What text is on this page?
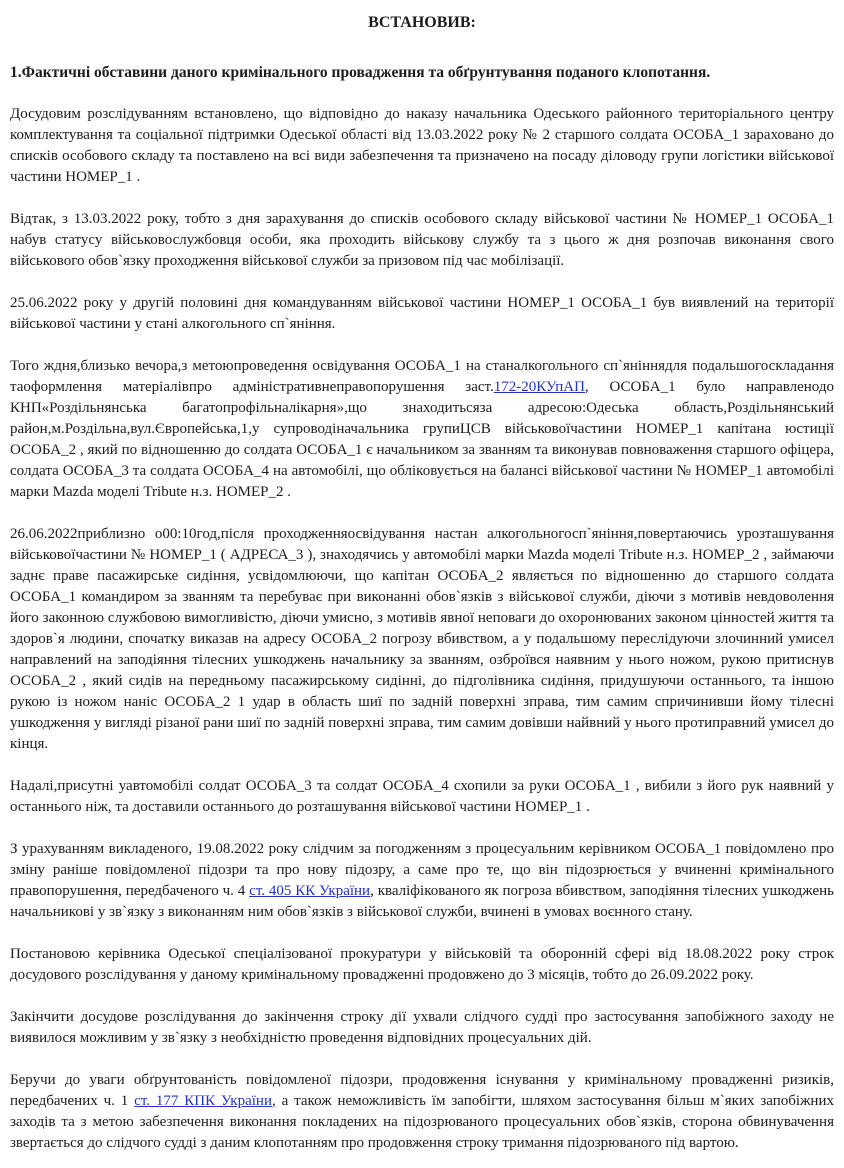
ВСТАНОВИВ:
1.Фактичні обставини даного кримінального провадження та обґрунтування поданого клопотання.

Досудовим розслідуванням встановлено, що відповідно до наказу начальника Одеського районного територіального центру комплектування та соціальної підтримки Одеської області від 13.03.2022 року № 2 старшого солдата ОСОБА_1 зараховано до списків особового складу та поставлено на всі види забезпечення та призначено на посаду діловоду групи логістики військової частини НОМЕР_1 .

Відтак, з 13.03.2022 року, тобто з дня зарахування до списків особового складу військової частини № НОМЕР_1 ОСОБА_1 набув статусу військовослужбовця особи, яка проходить військову службу та з цього ж дня розпочав виконання свого військового обов`язку проходження військової служби за призовом під час мобілізації.

25.06.2022 року у другій половині дня командуванням військової частини НОМЕР_1 ОСОБА_1 був виявлений на території військової частини у стані алкогольного сп`яніння.

Того ждня,близько вечора,з метоюпроведення освідування ОСОБА_1 на станалкогольного сп`яніннядля подальшогоскладання таоформлення матеріалівпро адміністративнеправопорушення заст.172-20КУпАП, ОСОБА_1 було направленодо КНП«Роздільнянська багатопрофільналікарня»,що знаходитьсяза адресою:Одеська область,Роздільнянський район,м.Роздільна,вул.Європейська,1,у супроводіначальника групиЦСВ військовоїчастини НОМЕР_1 капітана юстиції ОСОБА_2 , який по відношенню до солдата ОСОБА_1 є начальником за званням та виконував повноваження старшого офіцера, солдата ОСОБА_3 та солдата ОСОБА_4 на автомобілі, що обліковується на балансі військової частини № НОМЕР_1 автомобілі марки Mazda моделі Tribute н.з. НОМЕР_2 .

26.06.2022приблизно о00:10год,після проходженняосвідування настан алкогольногосп`яніння,повертаючись урозташування військовоїчастини № НОМЕР_1 ( АДРЕСА_3 ), знаходячись у автомобілі марки Mazda моделі Tribute н.з. НОМЕР_2 , займаючи заднє праве пасажирське сидіння, усвідомлюючи, що капітан ОСОБА_2 являється по відношенню до старшого солдата ОСОБА_1 командиром за званням та перебуває при виконанні обов`язків з військової служби, діючи з мотивів невдоволення його законною службовою вимогливістю, діючи умисно, з мотивів явної неповаги до охоронюваних законом цінностей життя та здоров`я людини, спочатку виказав на адресу ОСОБА_2 погрозу вбивством, а у подальшому переслідуючи злочинний умисел направлений на заподіяння тілесних ушкоджень начальнику за званням, озброївся наявним у нього ножом, рукою притиснув ОСОБА_2 , який сидів на передньому пасажирському сидінні, до підголівника сидіння, придушуючи останнього, та іншою рукою із ножом наніс ОСОБА_2 1 удар в область шиї по задній поверхні зправа, тим самим спричинивши йому тілесні ушкодження у вигляді різаної рани шиї по задній поверхні зправа, тим самим довівши найвний у нього протиправний умисел до кінця.

Надалі,присутні уавтомобілі солдат ОСОБА_3 та солдат ОСОБА_4 схопили за руки ОСОБА_1 , вибили з його рук наявний у останнього ніж, та доставили останнього до розташування військової частини НОМЕР_1 .

З урахуванням викладеного, 19.08.2022 року слідчим за погодженням з процесуальним керівником ОСОБА_1 повідомлено про зміну раніше повідомленої підозри та про нову підозру, а саме про те, що він підозрюється у вчиненні кримінального правопорушення, передбаченого ч. 4 ст. 405 КК України, кваліфікованого як погроза вбивством, заподіяння тілесних ушкоджень начальникові у зв`язку з виконанням ним обов`язків з військової служби, вчинені в умовах воєнного стану.

Постановою керівника Одеської спеціалізованої прокуратури у військовій та оборонній сфері від 18.08.2022 року строк досудового розслідування у даному кримінальному провадженні продовжено до 3 місяців, тобто до 26.09.2022 року.

Закінчити досудове розслідування до закінчення строку дії ухвали слідчого судді про застосування запобіжного заходу не виявилося можливим у зв`язку з необхідністю проведення відповідних процесуальних дій.

Беручи до уваги обґрунтованість повідомленої підозри, продовження існування у кримінальному провадженні ризиків, передбачених ч. 1 ст. 177 КПК України, а також неможливість їм запобігти, шляхом застосування більш м`яких запобіжних заходів та з метою забезпечення виконання покладених на підозрюваного процесуальних обов`язків, сторона обвинувачення звертається до слідчого судді з даним клопотанням про продовження строку тримання підозрюваного під вартою.
